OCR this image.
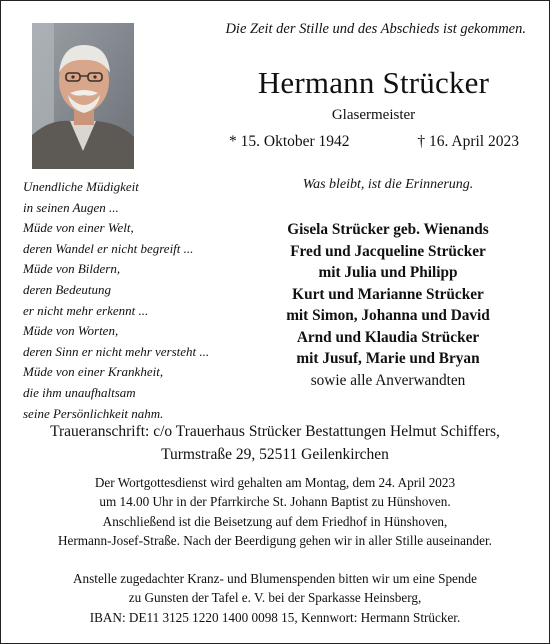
Die Zeit der Stille und des Abschieds ist gekommen.
Hermann Strücker
Glasermeister
* 15. Oktober 1942	† 16. April 2023
Unendliche Müdigkeit
in seinen Augen ...
Müde von einer Welt,
deren Wandel er nicht begreift ...
Müde von Bildern,
deren Bedeutung
er nicht mehr erkennt ...
Müde von Worten,
deren Sinn er nicht mehr versteht ...
Müde von einer Krankheit,
die ihm unaufhaltsam
seine Persönlichkeit nahm.
Was bleibt, ist die Erinnerung.
Gisela Strücker geb. Wienands
Fred und Jacqueline Strücker
mit Julia und Philipp
Kurt und Marianne Strücker
mit Simon, Johanna und David
Arnd und Klaudia Strücker
mit Jusuf, Marie und Bryan
sowie alle Anverwandten
Traueranschrift: c/o Trauerhaus Strücker Bestattungen Helmut Schiffers,
Turmstraße 29, 52511 Geilenkirchen
Der Wortgottesdienst wird gehalten am Montag, dem 24. April 2023
um 14.00 Uhr in der Pfarrkirche St. Johann Baptist zu Hünshoven.
Anschließend ist die Beisetzung auf dem Friedhof in Hünshoven,
Hermann-Josef-Straße. Nach der Beerdigung gehen wir in aller Stille auseinander.
Anstelle zugedachter Kranz- und Blumenspenden bitten wir um eine Spende
zu Gunsten der Tafel e. V. bei der Sparkasse Heinsberg,
IBAN: DE11 3125 1220 1400 0098 15, Kennwort: Hermann Strücker.
